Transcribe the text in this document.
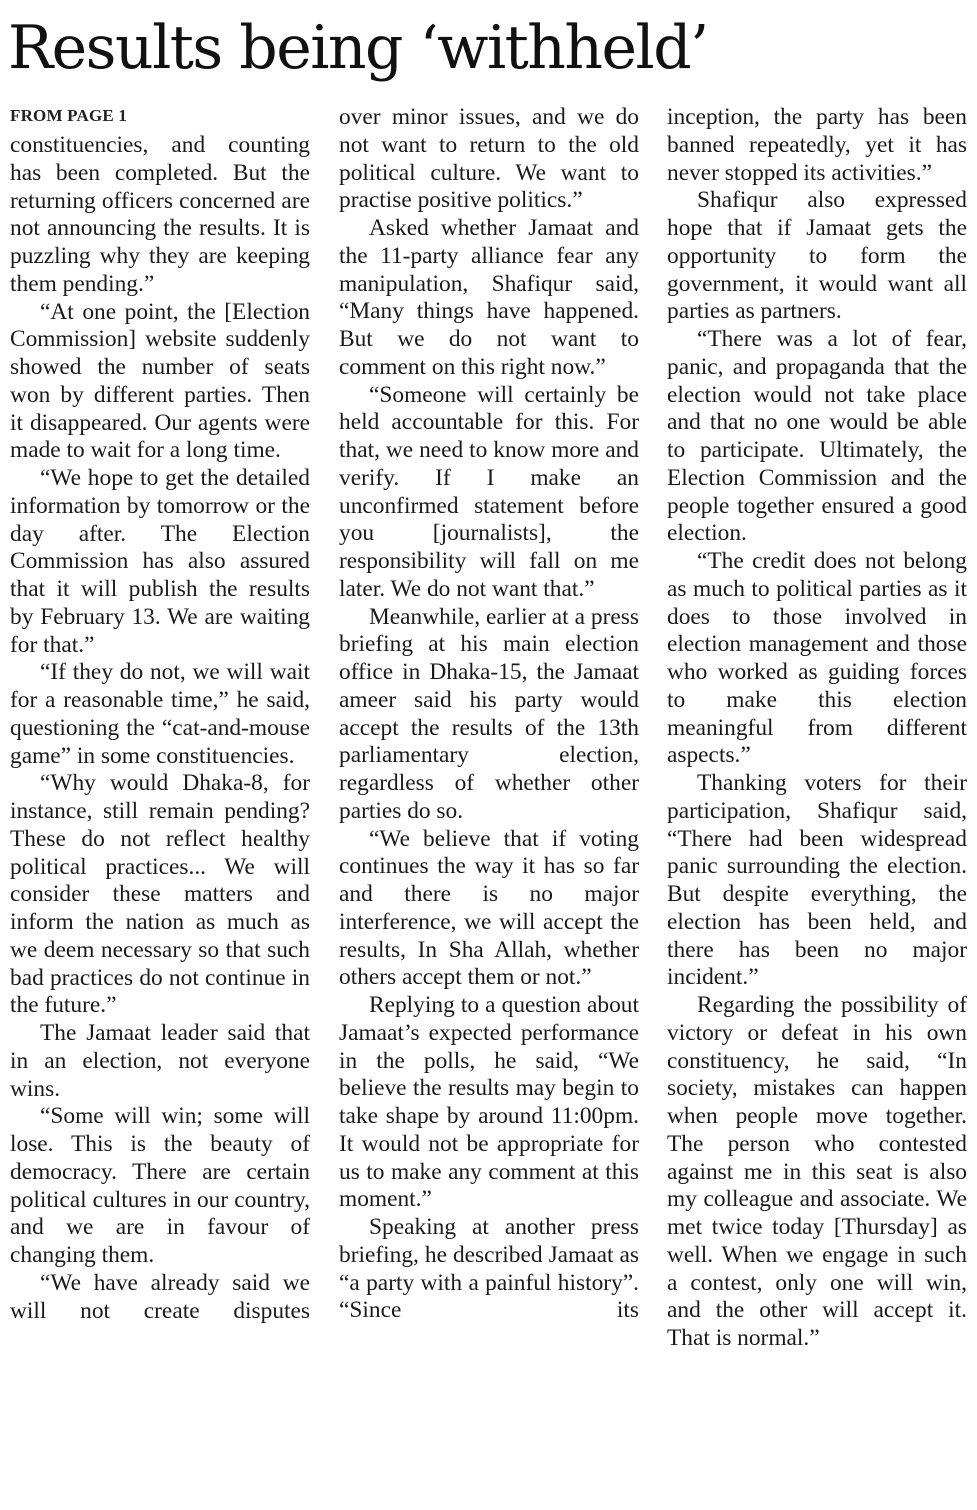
Results being ‘withheld’
FROM PAGE 1

constituencies, and counting has been completed. But the returning officers concerned are not announcing the results. It is puzzling why they are keeping them pending.”

“At one point, the [Election Commission] website suddenly showed the number of seats won by different parties. Then it disappeared. Our agents were made to wait for a long time.

“We hope to get the detailed information by tomorrow or the day after. The Election Commission has also assured that it will publish the results by February 13. We are waiting for that.”

“If they do not, we will wait for a reasonable time,” he said, questioning the “cat-and-mouse game” in some constituencies.

“Why would Dhaka-8, for instance, still remain pending? These do not reflect healthy political practices... We will consider these matters and inform the nation as much as we deem necessary so that such bad practices do not continue in the future.”

The Jamaat leader said that in an election, not everyone wins.

“Some will win; some will lose. This is the beauty of democracy. There are certain political cultures in our country, and we are in favour of changing them.

“We have already said we will not create disputes

over minor issues, and we do not want to return to the old political culture. We want to practise positive politics.”

Asked whether Jamaat and the 11-party alliance fear any manipulation, Shafiqur said, “Many things have happened. But we do not want to comment on this right now.”

“Someone will certainly be held accountable for this. For that, we need to know more and verify. If I make an unconfirmed statement before you [journalists], the responsibility will fall on me later. We do not want that.”

Meanwhile, earlier at a press briefing at his main election office in Dhaka-15, the Jamaat ameer said his party would accept the results of the 13th parliamentary election, regardless of whether other parties do so.

“We believe that if voting continues the way it has so far and there is no major interference, we will accept the results, In Sha Allah, whether others accept them or not.”

Replying to a question about Jamaat’s expected performance in the polls, he said, “We believe the results may begin to take shape by around 11:00pm. It would not be appropriate for us to make any comment at this moment.”

Speaking at another press briefing, he described Jamaat as “a party with a painful history”. “Since its

inception, the party has been banned repeatedly, yet it has never stopped its activities.”

Shafiqur also expressed hope that if Jamaat gets the opportunity to form the government, it would want all parties as partners.

“There was a lot of fear, panic, and propaganda that the election would not take place and that no one would be able to participate. Ultimately, the Election Commission and the people together ensured a good election.

“The credit does not belong as much to political parties as it does to those involved in election management and those who worked as guiding forces to make this election meaningful from different aspects.”

Thanking voters for their participation, Shafiqur said, “There had been widespread panic surrounding the election. But despite everything, the election has been held, and there has been no major incident.”

Regarding the possibility of victory or defeat in his own constituency, he said, “In society, mistakes can happen when people move together. The person who contested against me in this seat is also my colleague and associate. We met twice today [Thursday] as well. When we engage in such a contest, only one will win, and the other will accept it. That is normal.”
